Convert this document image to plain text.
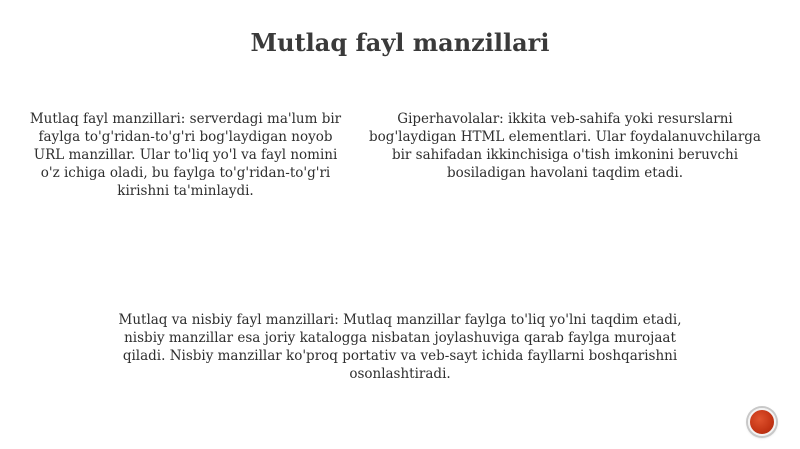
Mutlaq fayl manzillari

Mutlaq fayl manzillari: serverdagi ma'lum bir faylga to'g'ridan-to'g'ri bog'laydigan noyob URL manzillar. Ular to'liq yo'l va fayl nomini o'z ichiga oladi, bu faylga to'g'ridan-to'g'ri kirishni ta'minlaydi.

Giperhavolalar: ikkita veb-sahifa yoki resurslarni bog'laydigan HTML elementlari. Ular foydalanuvchilarga bir sahifadan ikkinchisiga o'tish imkonini beruvchi bosiladigan havolani taqdim etadi.

Mutlaq va nisbiy fayl manzillari: Mutlaq manzillar faylga to'liq yo'lni taqdim etadi, nisbiy manzillar esa joriy katalogga nisbatan joylashuviga qarab faylga murojaat qiladi. Nisbiy manzillar ko'proq portativ va veb-sayt ichida fayllarni boshqarishni osonlashtiradi.
